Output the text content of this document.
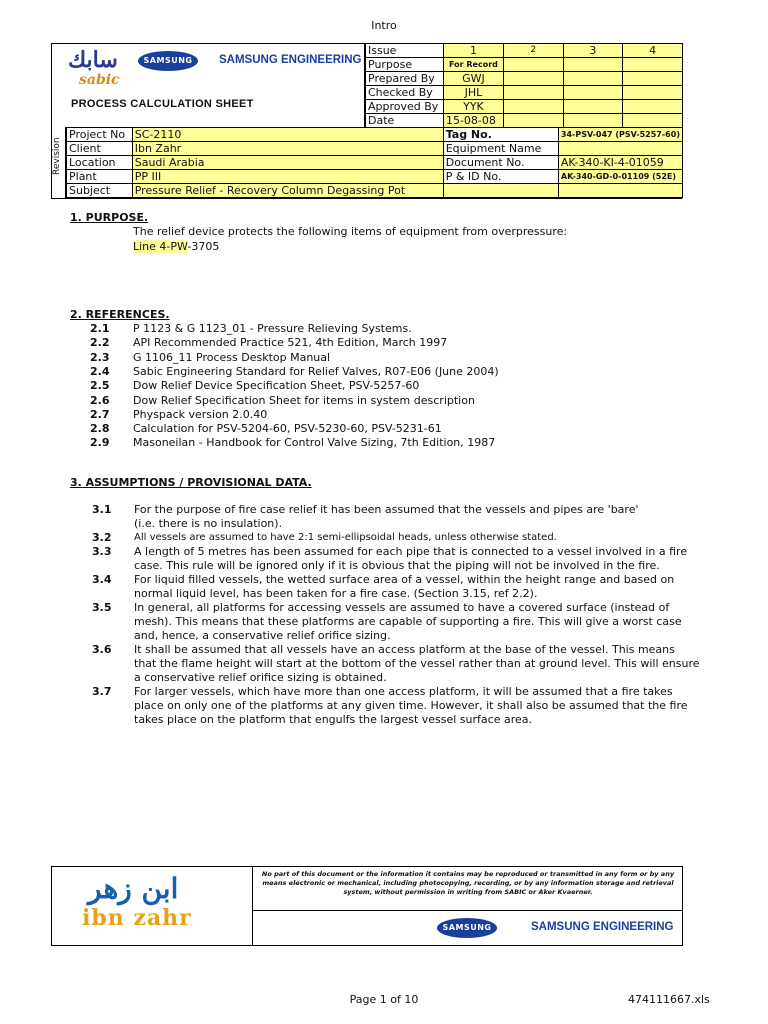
Intro
سابك
sabic
SAMSUNG	SAMSUNG ENGINEERING
PROCESS CALCULATION SHEET
Issue	1	2	3	4
Purpose	For Record			
Prepared By	GWJ			
Checked By	JHL			
Approved By	YYK			
Date	15-08-08			
Revision
Project No	SC-2110	Tag No.	34-PSV-047 (PSV-5257-60)
Client	Ibn Zahr	Equipment Name	
Location	Saudi Arabia	Document No.	AK-340-KI-4-01059
Plant	PP III	P & ID No.	AK-340-GD-0-01109 (52E)
Subject	Pressure Relief - Recovery Column Degassing Pot		
1. PURPOSE.
The relief device protects the following items of equipment from overpressure:
Line 4-PW-3705
2. REFERENCES.
2.1	P 1123 & G 1123_01 - Pressure Relieving Systems.
2.2	API Recommended Practice 521, 4th Edition, March 1997
2.3	G 1106_11 Process Desktop Manual
2.4	Sabic Engineering Standard for Relief Valves, R07-E06 (June 2004)
2.5	Dow Relief Device Specification Sheet, PSV-5257-60
2.6	Dow Relief Specification Sheet for items in system description
2.7	Physpack version 2.0.40
2.8	Calculation for PSV-5204-60, PSV-5230-60, PSV-5231-61
2.9	Masoneilan - Handbook for Control Valve Sizing, 7th Edition, 1987
3. ASSUMPTIONS / PROVISIONAL DATA.
3.1	For the purpose of fire case relief it has been assumed that the vessels and pipes are 'bare'
(i.e. there is no insulation).
3.2	All vessels are assumed to have 2:1 semi-ellipsoidal heads, unless otherwise stated.
3.3	A length of 5 metres has been assumed for each pipe that is connected to a vessel involved in a fire
case. This rule will be ignored only if it is obvious that the piping will not be involved in the fire.
3.4	For liquid filled vessels, the wetted surface area of a vessel, within the height range and based on
normal liquid level, has been taken for a fire case. (Section 3.15, ref 2.2).
3.5	In general, all platforms for accessing vessels are assumed to have a covered surface (instead of
mesh). This means that these platforms are capable of supporting a fire. This will give a worst case
and, hence, a conservative relief orifice sizing.
3.6	It shall be assumed that all vessels have an access platform at the base of the vessel. This means
that the flame height will start at the bottom of the vessel rather than at ground level. This will ensure
a conservative relief orifice sizing is obtained.
3.7	For larger vessels, which have more than one access platform, it will be assumed that a fire takes
place on only one of the platforms at any given time. However, it shall also be assumed that the fire
takes place on the platform that engulfs the largest vessel surface area.
ابن زهر
ibn zahr
No part of this document or the information it contains may be reproduced or transmitted in any form or by any means electronic or mechanical, including photocopying, recording, or by any information storage and retrieval system, without permission in writing from SABIC or Aker Kvaerner.
SAMSUNG	SAMSUNG ENGINEERING
Page 1 of 10	474111667.xls
